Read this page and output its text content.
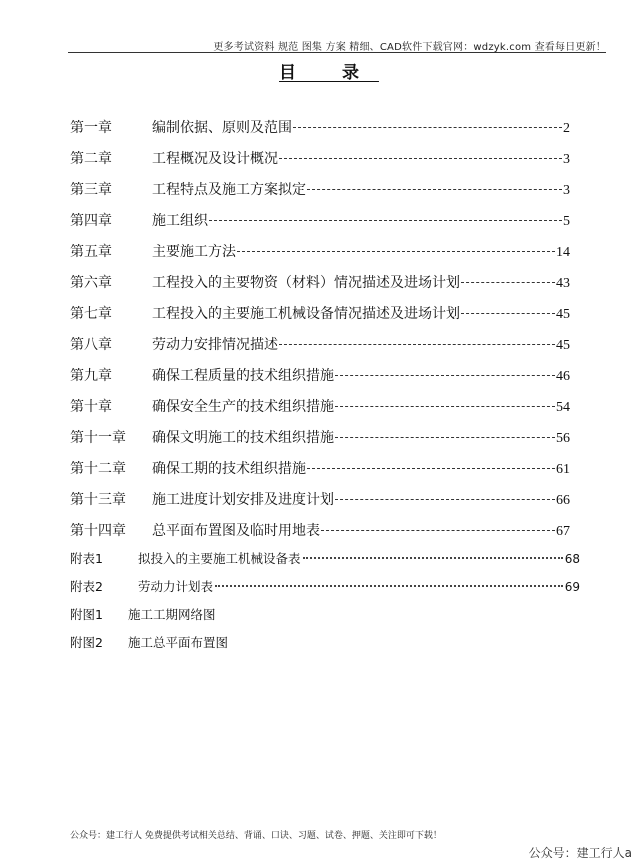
更多考试资料 规范 图集 方案 精细、CAD软件下载官网：wdzyk.com 查看每日更新！
目 录
第一章	编制依据、原则及范围	2
第二章	工程概况及设计概况	3
第三章	工程特点及施工方案拟定	3
第四章	施工组织	5
第五章	主要施工方法	14
第六章	工程投入的主要物资（材料）情况描述及进场计划	43
第七章	工程投入的主要施工机械设备情况描述及进场计划	45
第八章	劳动力安排情况描述	45
第九章	确保工程质量的技术组织措施	46
第十章	确保安全生产的技术组织措施	54
第十一章	确保文明施工的技术组织措施	56
第十二章	确保工期的技术组织措施	61
第十三章	施工进度计划安排及进度计划	66
第十四章	总平面布置图及临时用地表	67
附表1	拟投入的主要施工机械设备表	68
附表2	劳动力计划表	69
附图1	施工工期网络图
附图2	施工总平面布置图
公众号：建工行人 免费提供考试相关总结、背诵、口诀、习题、试卷、押题、关注即可下载！
公众号：建工行人a
